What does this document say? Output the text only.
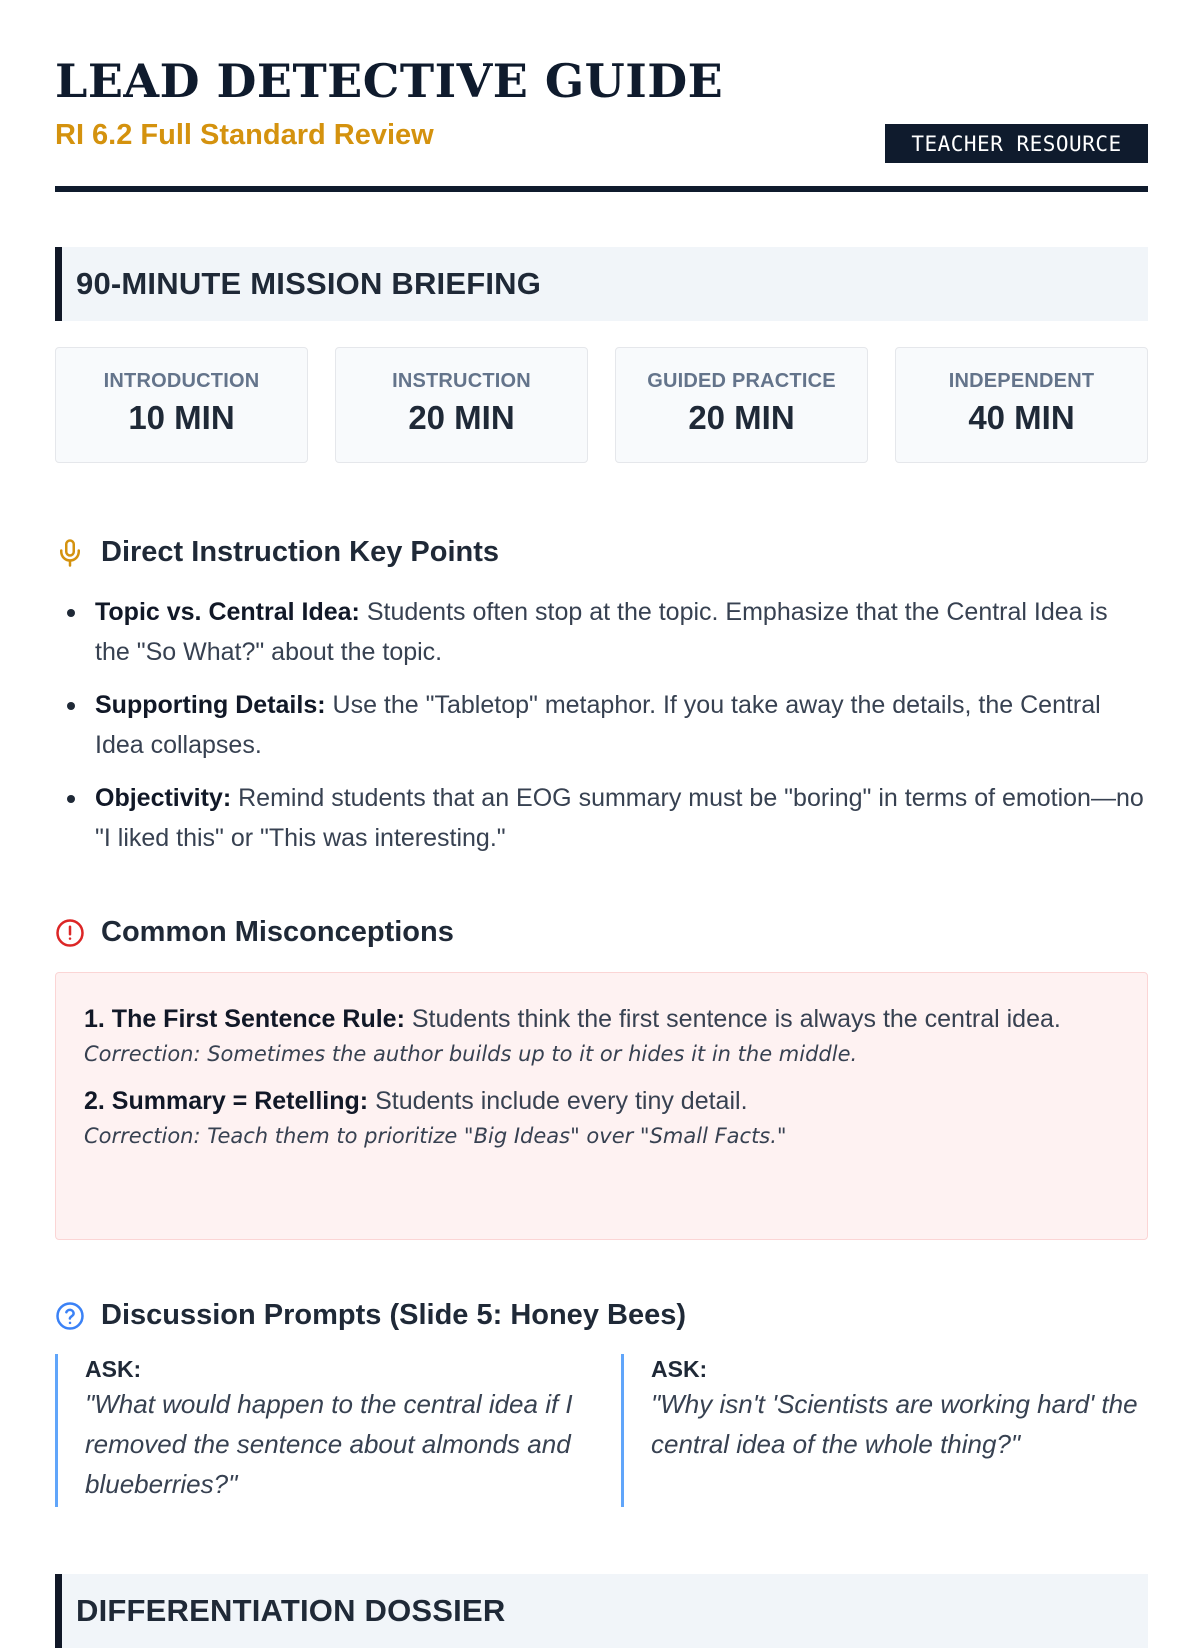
LEAD DETECTIVE GUIDE
RI 6.2 Full Standard Review	TEACHER RESOURCE
90-MINUTE MISSION BRIEFING
INTRODUCTION
10 MIN
INSTRUCTION
20 MIN
GUIDED PRACTICE
20 MIN
INDEPENDENT
40 MIN
Direct Instruction Key Points
Topic vs. Central Idea: Students often stop at the topic. Emphasize that the Central Idea is the "So What?" about the topic.
Supporting Details: Use the "Tabletop" metaphor. If you take away the details, the Central Idea collapses.
Objectivity: Remind students that an EOG summary must be "boring" in terms of emotion—no "I liked this" or "This was interesting."
Common Misconceptions
1. The First Sentence Rule: Students think the first sentence is always the central idea.
Correction: Sometimes the author builds up to it or hides it in the middle.
2. Summary = Retelling: Students include every tiny detail.
Correction: Teach them to prioritize "Big Ideas" over "Small Facts."
Discussion Prompts (Slide 5: Honey Bees)
ASK:
"What would happen to the central idea if I removed the sentence about almonds and blueberries?"
ASK:
"Why isn't 'Scientists are working hard' the central idea of the whole thing?"
DIFFERENTIATION DOSSIER
